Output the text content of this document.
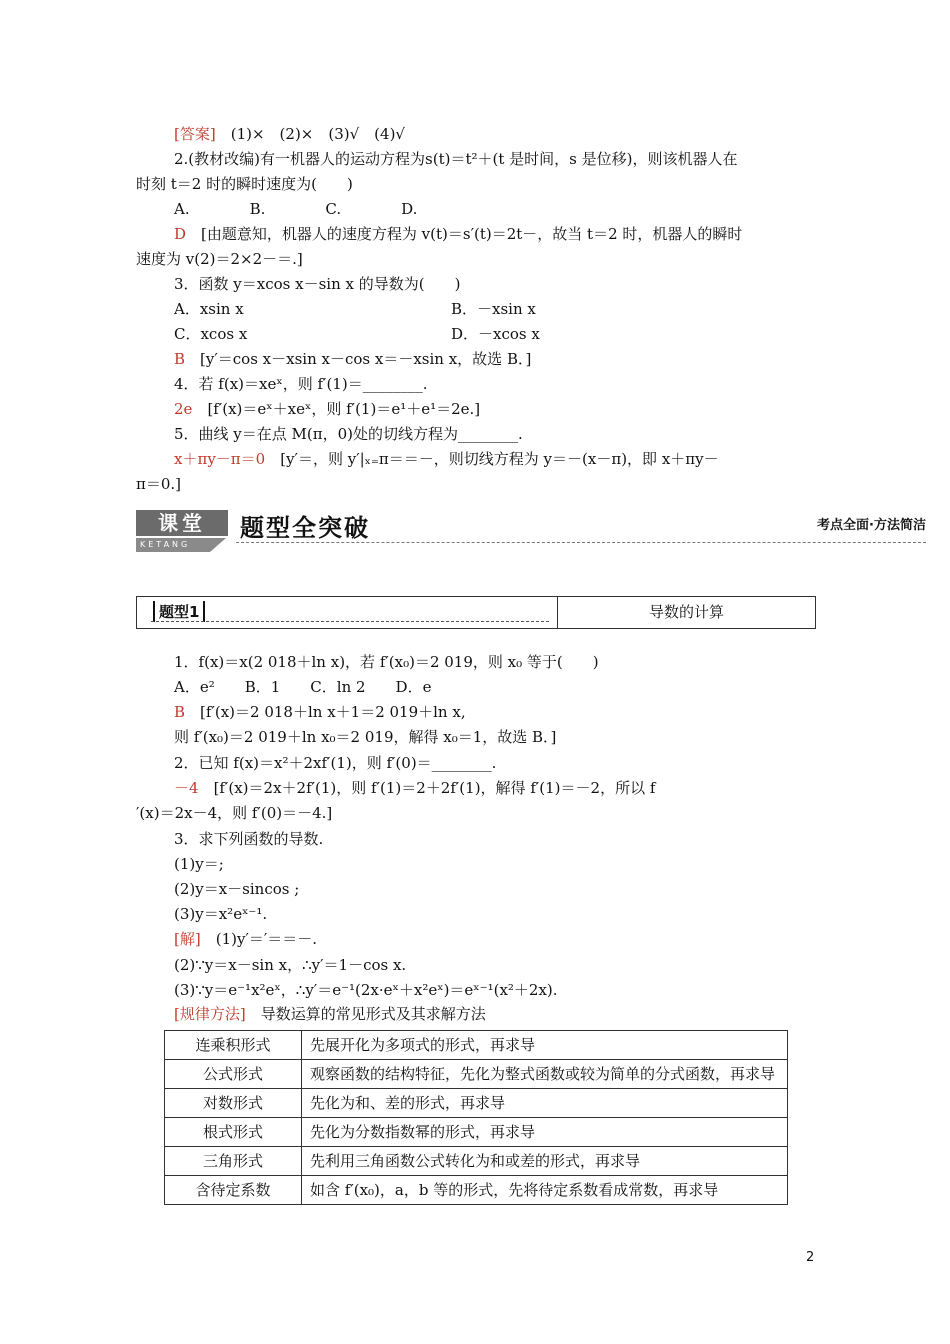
[答案]　 (1)×　(2)×　(3)√　(4)√
2.(教材改编)有一机器人的运动方程为s(t)＝t²＋(t 是时间，s 是位移)，则该机器人在
时刻 t＝2 时的瞬时速度为(　　)
A.　　　　B.　　　　C.　　　　D.
D　 [由题意知，机器人的速度方程为 v(t)＝s′(t)＝2t－，故当 t＝2 时，机器人的瞬时
速度为 v(2)＝2×2－＝.]
3．函数 y＝xcos x－sin x 的导数为(　　)
A．xsin x	B．－xsin x
C．xcos x	D．－xcos x
B　 [y′＝cos x－xsin x－cos x＝－xsin x，故选 B．]
4．若 f(x)＝xeˣ，则 f′(1)＝________.
2e　 [f′(x)＝eˣ＋xeˣ，则 f′(1)＝e¹＋e¹＝2e.]
5．曲线 y＝在点 M(π，0)处的切线方程为________.
x＋πy－π＝0　 [y′＝，则 y′|ₓ₌π＝＝－，则切线方程为 y＝－(x－π)，即 x＋πy－
π＝0.]
课堂
KETANG
题型全突破	考点全面·方法简洁
题型1	导数的计算
1．f(x)＝x(2 018＋ln x)，若 f′(x₀)＝2 019，则 x₀ 等于(　　)
A．e²　　B．1　　C．ln 2　　D．e
B　 [f′(x)＝2 018＋ln x＋1＝2 019＋ln x,
则 f′(x₀)＝2 019＋ln x₀＝2 019，解得 x₀＝1，故选 B．]
2．已知 f(x)＝x²＋2xf′(1)，则 f′(0)＝________.
－4　 [f′(x)＝2x＋2f′(1)，则 f′(1)＝2＋2f′(1)，解得 f′(1)＝－2，所以 f
′(x)＝2x－4，则 f′(0)＝－4.]
3．求下列函数的导数.
(1)y＝;
(2)y＝x－sincos ;
(3)y＝x²eˣ⁻¹.
[解]　 (1)y′＝′＝＝－.
(2)∵y＝x－sin x，∴y′＝1－cos x.
(3)∵y＝e⁻¹x²eˣ，∴y′＝e⁻¹(2x·eˣ＋x²eˣ)＝eˣ⁻¹(x²＋2x).
[规律方法]　 导数运算的常见形式及其求解方法
连乘积形式	先展开化为多项式的形式，再求导
公式形式	观察函数的结构特征，先化为整式函数或较为简单的分式函数，再求导
对数形式	先化为和、差的形式，再求导
根式形式	先化为分数指数幂的形式，再求导
三角形式	先利用三角函数公式转化为和或差的形式，再求导
含待定系数	如含 f′(x₀)，a，b 等的形式，先将待定系数看成常数，再求导
2
